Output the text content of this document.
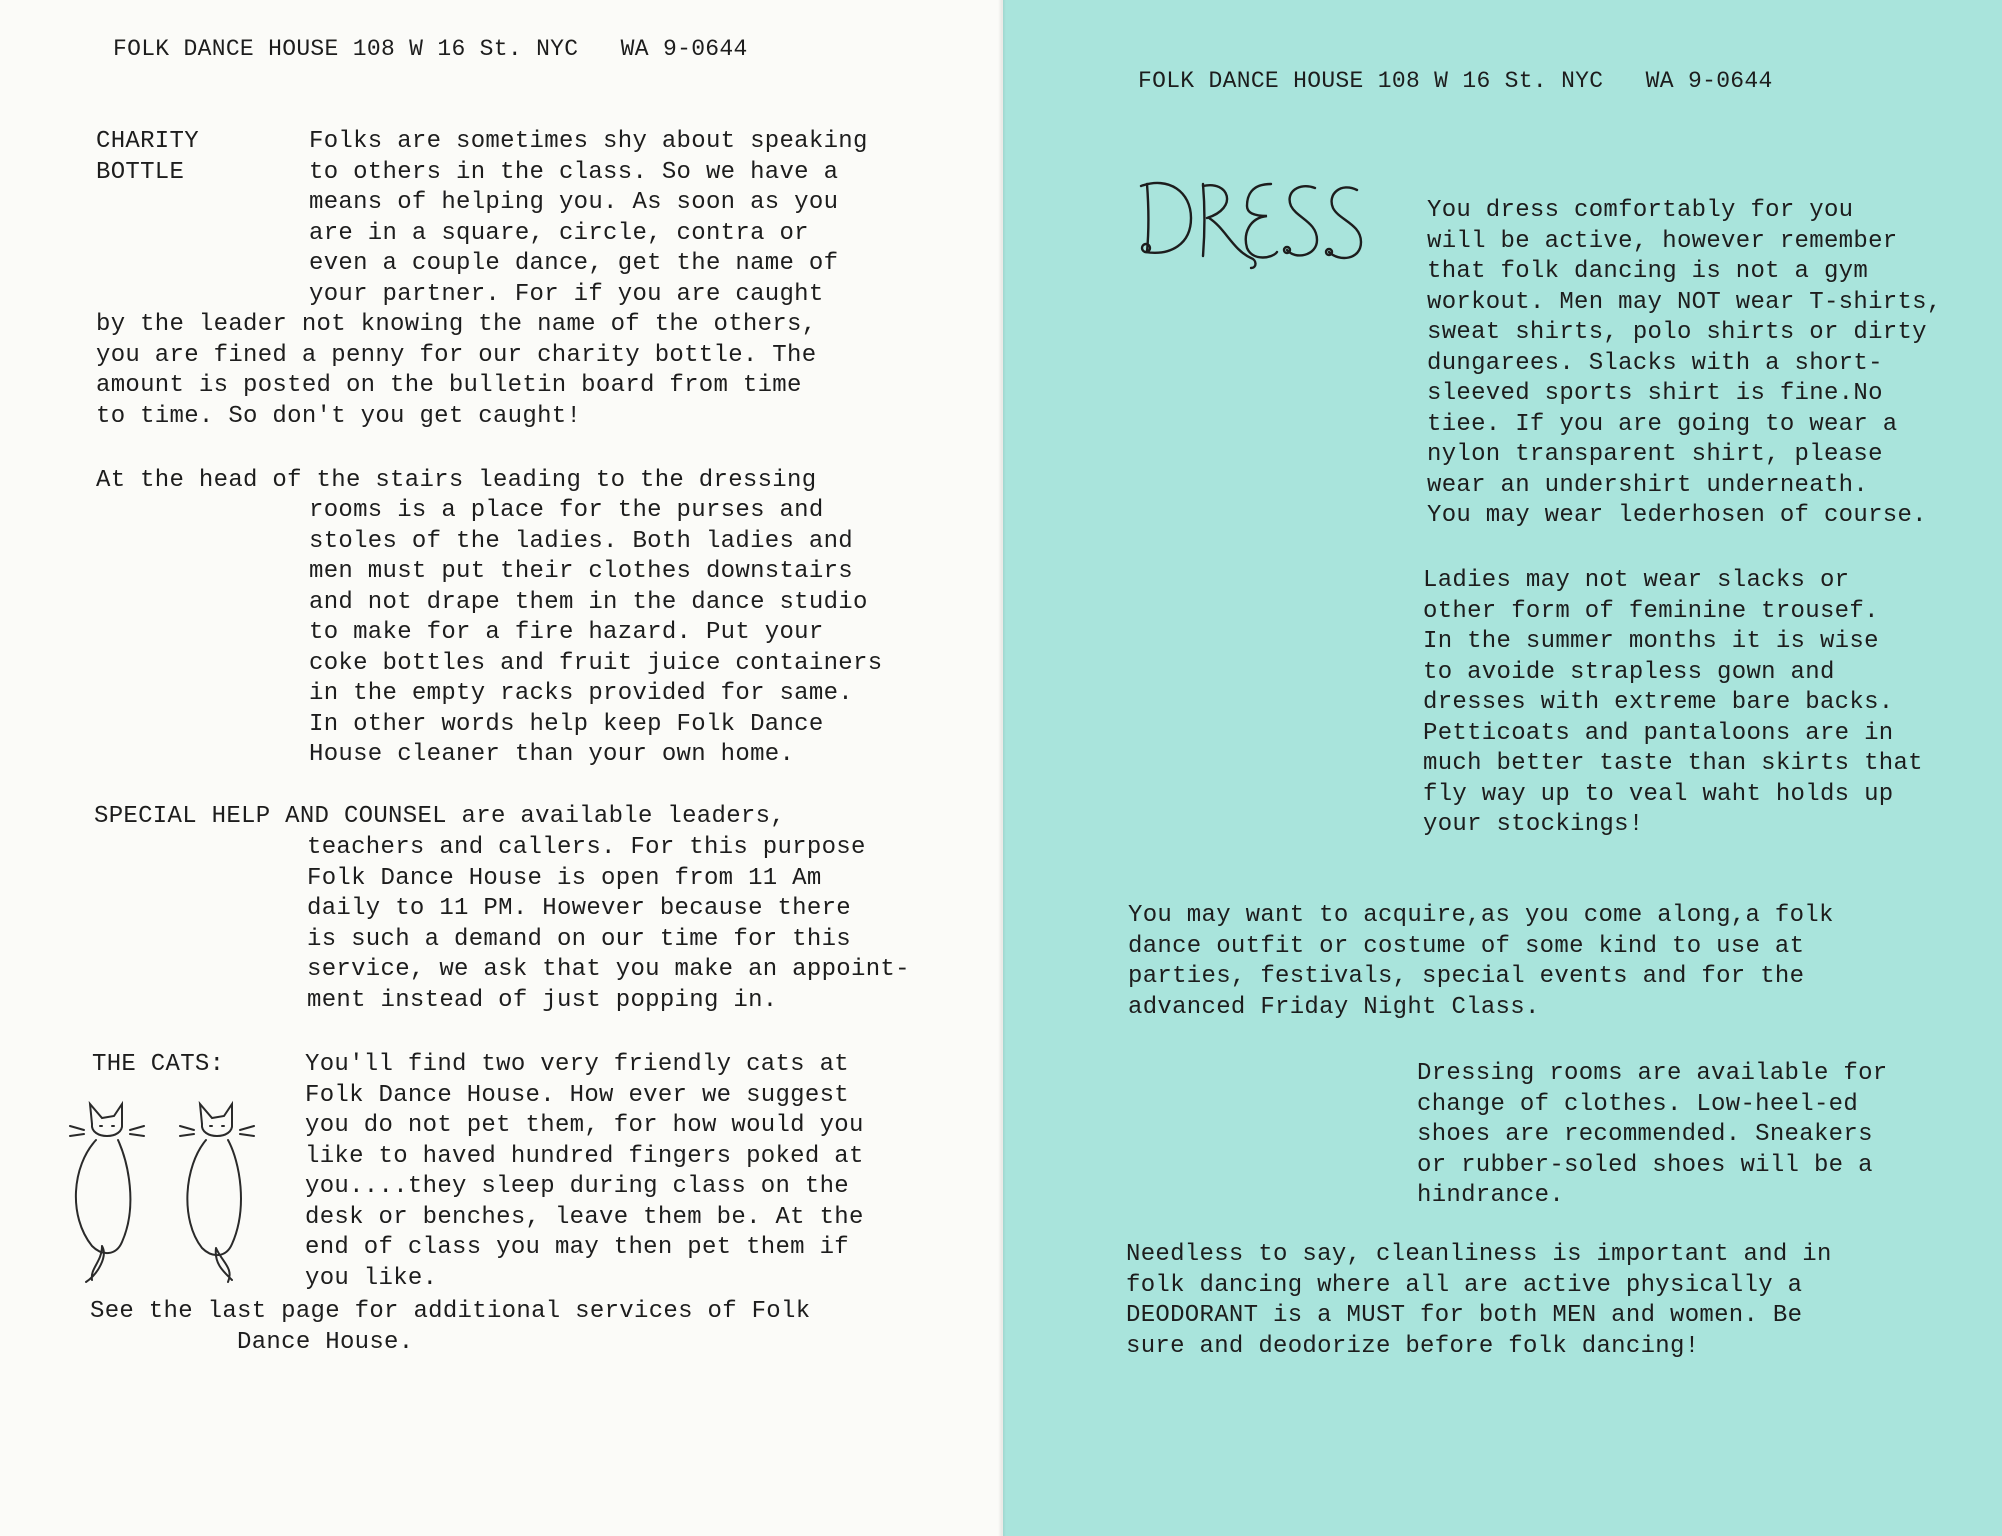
FOLK DANCE HOUSE 108 W 16 St. NYC   WA 9-0644
CHARITY
BOTTLE
Folks are sometimes shy about speaking
to others in the class. So we have a
means of helping you. As soon as you
are in a square, circle, contra or
even a couple dance, get the name of
your partner. For if you are caught
by the leader not knowing the name of the others,
you are fined a penny for our charity bottle. The
amount is posted on the bulletin board from time
to time. So don't you get caught!
At the head of the stairs leading to the dressing
rooms is a place for the purses and
stoles of the ladies. Both ladies and
men must put their clothes downstairs
and not drape them in the dance studio
to make for a fire hazard. Put your
coke bottles and fruit juice containers
in the empty racks provided for same.
In other words help keep Folk Dance
House cleaner than your own home.
SPECIAL HELP AND COUNSEL are available leaders,
teachers and callers. For this purpose
Folk Dance House is open from 11 Am
daily to 11 PM. However because there
is such a demand on our time for this
service, we ask that you make an appoint-
ment instead of just popping in.
THE CATS:	You'll find two very friendly cats at
Folk Dance House. How ever we suggest
you do not pet them, for how would you
like to haved hundred fingers poked at
you....they sleep during class on the
desk or benches, leave them be. At the
end of class you may then pet them if
you like.
See the last page for additional services of Folk
Dance House.
FOLK DANCE HOUSE 108 W 16 St. NYC   WA 9-0644
You dress comfortably for you
will be active, however remember
that folk dancing is not a gym
workout. Men may NOT wear T-shirts,
sweat shirts, polo shirts or dirty
dungarees. Slacks with a short-
sleeved sports shirt is fine.No
tiee. If you are going to wear a
nylon transparent shirt, please
wear an undershirt underneath.
You may wear lederhosen of course.
Ladies may not wear slacks or
other form of feminine trousef.
In the summer months it is wise
to avoide strapless gown and
dresses with extreme bare backs.
Petticoats and pantaloons are in
much better taste than skirts that
fly way up to veal waht holds up
your stockings!
You may want to acquire,as you come along,a folk
dance outfit or costume of some kind to use at
parties, festivals, special events and for the
advanced Friday Night Class.
Dressing rooms are available for
change of clothes. Low-heel-ed
shoes are recommended. Sneakers
or rubber-soled shoes will be a
hindrance.
Needless to say, cleanliness is important and in
folk dancing where all are active physically a
DEODORANT is a MUST for both MEN and women. Be
sure and deodorize before folk dancing!
